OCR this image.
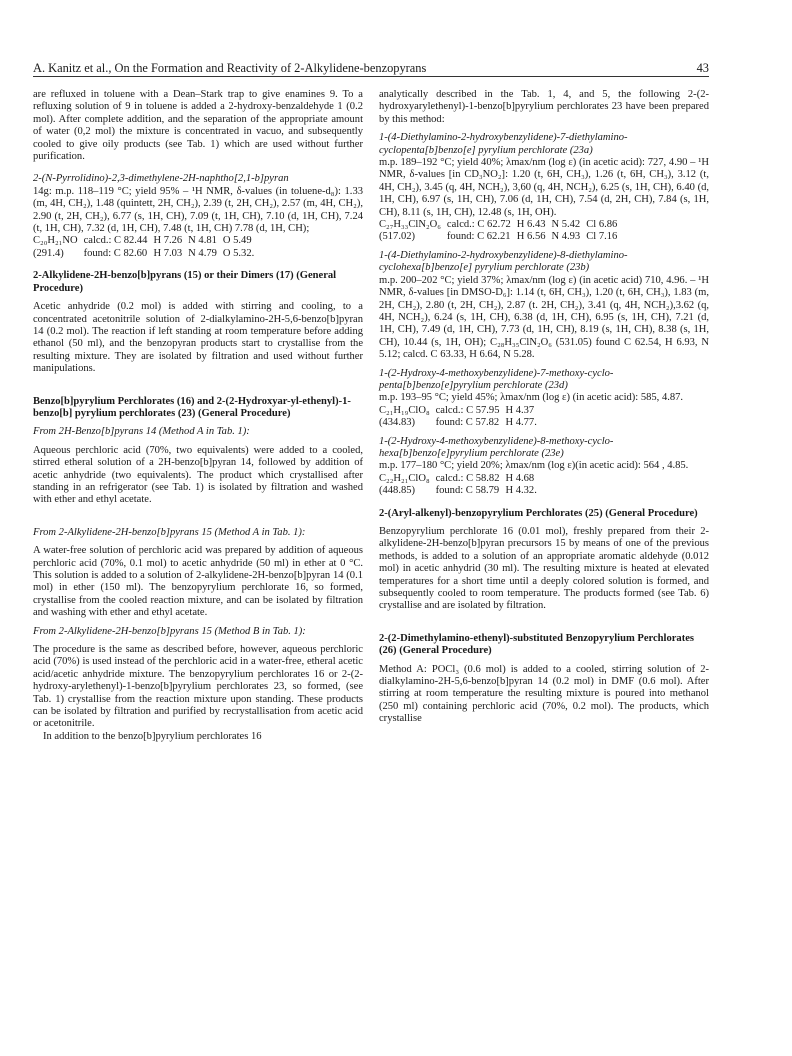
A. Kanitz et al., On the Formation and Reactivity of 2-Alkylidene-benzopyrans	43

are refluxed in toluene with a Dean–Stark trap to give enamines 9. To a refluxing solution of 9 in toluene is added a 2-hydroxy-benzaldehyde 1 (0.2 mol). After complete addition, and the separation of the appropriate amount of water (0,2 mol) the mixture is concentrated in vacuo, and subsequently cooled to give oily products (see Tab. 1) which are used without further purification.

2-(N-Pyrrolidino)-2,3-dimethylene-2H-naphtho[2,1-b]pyran

14g: m.p. 118–119 °C; yield 95% – ¹H NMR, δ-values (in toluene-d₈): 1.33 (m, 4H, CH₂), 1.48 (quintett, 2H, CH₂), 2.39 (t, 2H, CH₂), 2.57 (m, 4H, CH₂), 2.90 (t, 2H, CH₂), 6.77 (s, 1H, CH), 7.09 (t, 1H, CH), 7.10 (d, 1H, CH), 7.24 (t, 1H, CH), 7.32 (d, 1H, CH), 7.48 (t, 1H, CH) 7.78 (d, 1H, CH);

C₂₀H₂₁NO	calcd.: C 82.44	H 7.26	N 4.81	O 5.49
(291.4)	found: C 82.60	H 7.03	N 4.79	O 5.32.

2-Alkylidene-2H-benzo[b]pyrans (15) or their Dimers (17) (General Procedure)

Acetic anhydride (0.2 mol) is added with stirring and cooling, to a concentrated acetonitrile solution of 2-dialkylamino-2H-5,6-benzo[b]pyran 14 (0.2 mol). The reaction if left standing at room temperature before adding ethanol (50 ml), and the benzopyran products start to crystallise from the resulting mixture. They are isolated by filtration and used without further manipulations.

Benzo[b]pyrylium Perchlorates (16) and 2-(2-Hydroxyar-yl-ethenyl)-1-benzo[b] pyrylium perchlorates (23) (General Procedure)

From 2H-Benzo[b]pyrans 14 (Method A in Tab. 1):

Aqueous perchloric acid (70%, two equivalents) were added to a cooled, stirred etheral solution of a 2H-benzo[b]pyran 14, followed by addition of acetic anhydride (two equivalents). The product which crystallised after standing in an refrigerator (see Tab. 1) is isolated by filtration and washed with ether and ethyl acetate.

From 2-Alkylidene-2H-benzo[b]pyrans 15 (Method A in Tab. 1):

A water-free solution of perchloric acid was prepared by addition of aqueous perchloric acid (70%, 0.1 mol) to acetic anhydride (50 ml) in ether at 0 °C. This solution is added to a solution of 2-alkylidene-2H-benzo[b]pyran 14 (0.1 mol) in ether (150 ml). The benzopyrylium perchlorate 16, so formed, crystallise from the cooled reaction mixture, and can be isolated by filtration and washing with ether and ethyl acetate.

From 2-Alkylidene-2H-benzo[b]pyrans 15 (Method B in Tab. 1):

The procedure is the same as described before, however, aqueous perchloric acid (70%) is used instead of the perchloric acid in a water-free, etheral acetic acid/acetic anhydride mixture. The benzopyrylium perchlorates 16 or 2-(2-hydroxy-arylethenyl)-1-benzo[b]pyrylium perchlorates 23, so formed, (see Tab. 1) crystallise from the reaction mixture upon standing. These products can be isolated by filtration and purified by recrystallisation from acetic acid or acetonitrile.

In addition to the benzo[b]pyrylium perchlorates 16

analytically described in the Tab. 1, 4, and 5, the following 2-(2-hydroxyarylethenyl)-1-benzo[b]pyrylium perchlorates 23 have been prepared by this method:

1-(4-Diethylamino-2-hydroxybenzylidene)-7-diethylamino-cyclopenta[b]benzo[e] pyrylium perchlorate (23a)

m.p. 189–192 °C; yield 40%; λmax/nm (log ε) (in acetic acid): 727, 4.90 – ¹H NMR, δ-values [in CD₃NO₂]: 1.20 (t, 6H, CH₃), 1.26 (t, 6H, CH₃), 3.12 (t, 4H, CH₂), 3.45 (q, 4H, NCH₂), 3,60 (q, 4H, NCH₂), 6.25 (s, 1H, CH), 6.40 (d, 1H, CH), 6.97 (s, 1H, CH), 7.06 (d, 1H, CH), 7.54 (d, 2H, CH), 7.84 (s, 1H, CH), 8.11 (s, 1H, CH), 12.48 (s, 1H, OH).

C₂₇H₃₃ClN₂O₆	calcd.: C 62.72	H 6.43	N 5.42	Cl 6.86
(517.02)	found: C 62.21	H 6.56	N 4.93	Cl 7.16

1-(4-Diethylamino-2-hydroxybenzylidene)-8-diethylamino-cyclohexa[b]benzo[e] pyrylium perchlorate (23b)

m.p. 200–202 °C; yield 37%; λmax/nm (log ε) (in acetic acid) 710, 4.96. – ¹H NMR, δ-values [in DMSO-D₆]: 1.14 (t, 6H, CH₃), 1.20 (t, 6H, CH₃), 1.83 (m, 2H, CH₂), 2.80 (t, 2H, CH₂), 2.87 (t. 2H, CH₂), 3.41 (q, 4H, NCH₂),3.62 (q, 4H, NCH₂), 6.24 (s, 1H, CH), 6.38 (d, 1H, CH), 6.95 (s, 1H, CH), 7.21 (d, 1H, CH), 7.49 (d, 1H, CH), 7.73 (d, 1H, CH), 8.19 (s, 1H, CH), 8.38 (s, 1H, CH), 10.44 (s, 1H, OH); C₂₈H₃₅ClN₂O₆ (531.05) found C 62.54, H 6.93, N 5.12; calcd. C 63.33, H 6.64, N 5.28.

1-(2-Hydroxy-4-methoxybenzylidene)-7-methoxy-cyclo-penta[b]benzo[e]pyrylium perchlorate (23d)

m.p. 193–95 °C; yield 45%; λmax/nm (log ε) (in acetic acid): 585, 4.87.

C₂₁H₁₉ClO₈	calcd.: C 57.95	H 4.37
(434.83)	found: C 57.82	H 4.77.

1-(2-Hydroxy-4-methoxybenzylidene)-8-methoxy-cyclo-hexa[b]benzo[e]pyrylium perchlorate (23e)

m.p. 177–180 °C; yield 20%; λmax/nm (log ε)(in acetic acid): 564 , 4.85.

C₂₂H₂₁ClO₈	calcd.: C 58.82	H 4.68
(448.85)	found: C 58.79	H 4.32.

2-(Aryl-alkenyl)-benzopyrylium Perchlorates (25) (General Procedure)

Benzopyrylium perchlorate 16 (0.01 mol), freshly prepared from their 2-alkylidene-2H-benzo[b]pyran precursors 15 by means of one of the previous methods, is added to a solution of an appropriate aromatic aldehyde (0.012 mol) in acetic anhydrid (30 ml). The resulting mixture is heated at elevated temperatures for a short time until a deeply colored solution is formed, and subsequently cooled to room temperature. The products formed (see Tab. 6) crystallise and are isolated by filtration.

2-(2-Dimethylamino-ethenyl)-substituted Benzopyrylium Perchlorates (26) (General Procedure)

Method A: POCl₃ (0.6 mol) is added to a cooled, stirring solution of 2-dialkylamino-2H-5,6-benzo[b]pyran 14 (0.2 mol) in DMF (0.6 mol). After stirring at room temperature the resulting mixture is poured into methanol (250 ml) containing perchloric acid (70%, 0.2 mol). The products, which crystallise
